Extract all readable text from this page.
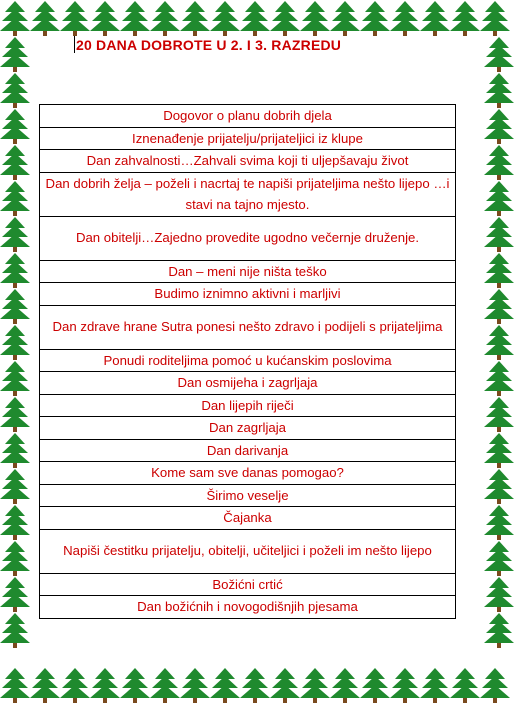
20 DANA DOBROTE U 2. I 3. RAZREDU
Dogovor o planu dobrih djela
Iznenađenje prijatelju/prijateljici iz klupe
Dan zahvalnosti…Zahvali svima koji ti uljepšavaju život
Dan dobrih želja – poželi i nacrtaj te napiši prijateljima nešto lijepo …i stavi na tajno mjesto.
Dan obitelji…Zajedno provedite ugodno večernje druženje.
Dan – meni nije ništa teško
Budimo iznimno aktivni i marljivi
Dan zdrave hrane Sutra ponesi nešto zdravo i podijeli s prijateljima
Ponudi roditeljima pomoć u kućanskim poslovima
Dan osmijeha i zagrljaja
Dan lijepih riječi
Dan zagrljaja
Dan darivanja
Kome sam sve danas pomogao?
Širimo veselje
Čajanka
Napiši čestitku prijatelju, obitelji, učiteljici i poželi im nešto lijepo
Božićni crtić
Dan božićnih i novogodišnjih pjesama
